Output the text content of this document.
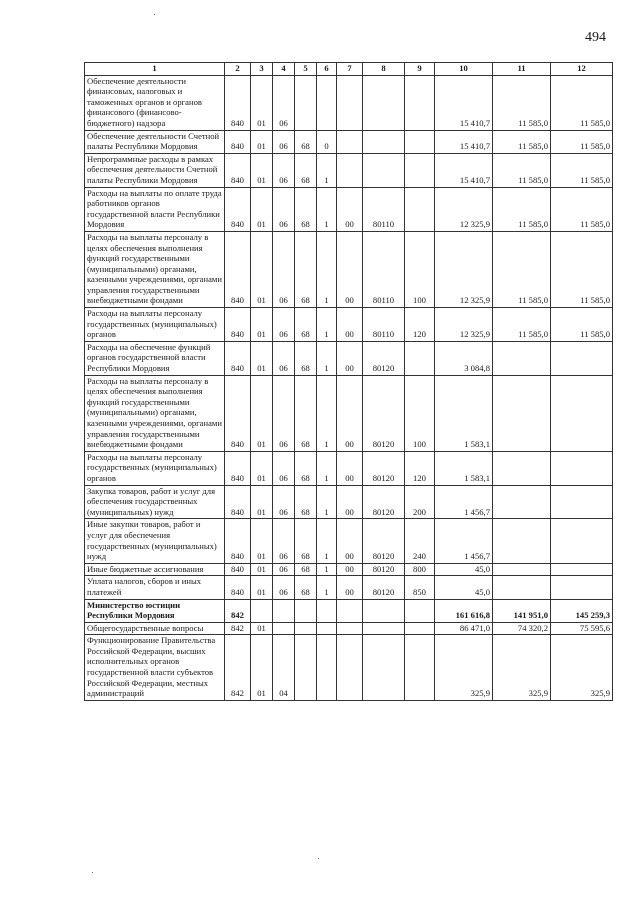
494
1	2	3	4	5	6	7	8	9	10	11	12
Обеспечение деятельности финансовых, налоговых и таможенных органов и органов финансового (финансово-бюджетного) надзора	840	01	06						15 410,7	11 585,0	11 585,0
Обеспечение деятельности Счетной палаты Республики Мордовия	840	01	06	68	0				15 410,7	11 585,0	11 585,0
Непрограммные расходы в рамках обеспечения деятельности Счетной палаты Республики Мордовия	840	01	06	68	1				15 410,7	11 585,0	11 585,0
Расходы на выплаты по оплате труда работников органов государственной власти Республики Мордовия	840	01	06	68	1	00	80110		12 325,9	11 585,0	11 585,0
Расходы на выплаты персоналу в целях обеспечения выполнения функций государственными (муниципальными) органами, казенными учреждениями, органами управления государственными внебюджетными фондами	840	01	06	68	1	00	80110	100	12 325,9	11 585,0	11 585,0
Расходы на выплаты персоналу государственных (муниципальных) органов	840	01	06	68	1	00	80110	120	12 325,9	11 585,0	11 585,0
Расходы на обеспечение функций органов государственной власти Республики Мордовия	840	01	06	68	1	00	80120		3 084,8		
Расходы на выплаты персоналу в целях обеспечения выполнения функций государственными (муниципальными) органами, казенными учреждениями, органами управления государственными внебюджетными фондами	840	01	06	68	1	00	80120	100	1 583,1		
Расходы на выплаты персоналу государственных (муниципальных) органов	840	01	06	68	1	00	80120	120	1 583,1		
Закупка товаров, работ и услуг для обеспечения государственных (муниципальных) нужд	840	01	06	68	1	00	80120	200	1 456,7		
Иные закупки товаров, работ и услуг для обеспечения государственных (муниципальных) нужд	840	01	06	68	1	00	80120	240	1 456,7		
Иные бюджетные ассигнования	840	01	06	68	1	00	80120	800	45,0		
Уплата налогов, сборов и иных платежей	840	01	06	68	1	00	80120	850	45,0		
Министерство юстиции Республики Мордовия	842								161 616,8	141 951,0	145 259,3
Общегосударственные вопросы	842	01							86 471,0	74 320,2	75 595,6
Функционирование Правительства Российской Федерации, высших исполнительных органов государственной власти субъектов Российской Федерации, местных администраций	842	01	04						325,9	325,9	325,9
